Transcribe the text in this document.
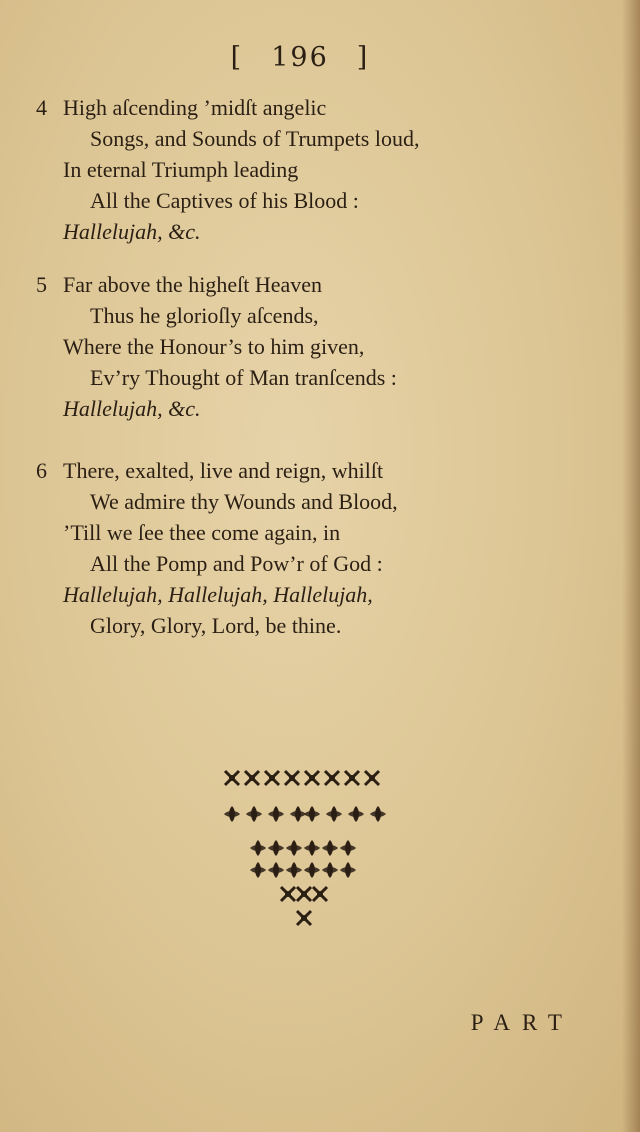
[ 196 ]
4 High aſcending ’midſt angelic
Songs, and Sounds of Trumpets loud,
In eternal Triumph leading
All the Captives of his Blood :
Hallelujah, &c.
5 Far above the higheſt Heaven
Thus he glorioſly aſcends,
Where the Honour’s to him given,
Ev’ry Thought of Man tranſcends :
Hallelujah, &c.
6 There, exalted, live and reign, whilſt
We admire thy Wounds and Blood,
’Till we ſee thee come again, in
All the Pomp and Pow’r of God :
Hallelujah, Hallelujah, Hallelujah,
Glory, Glory, Lord, be thine.
PART
